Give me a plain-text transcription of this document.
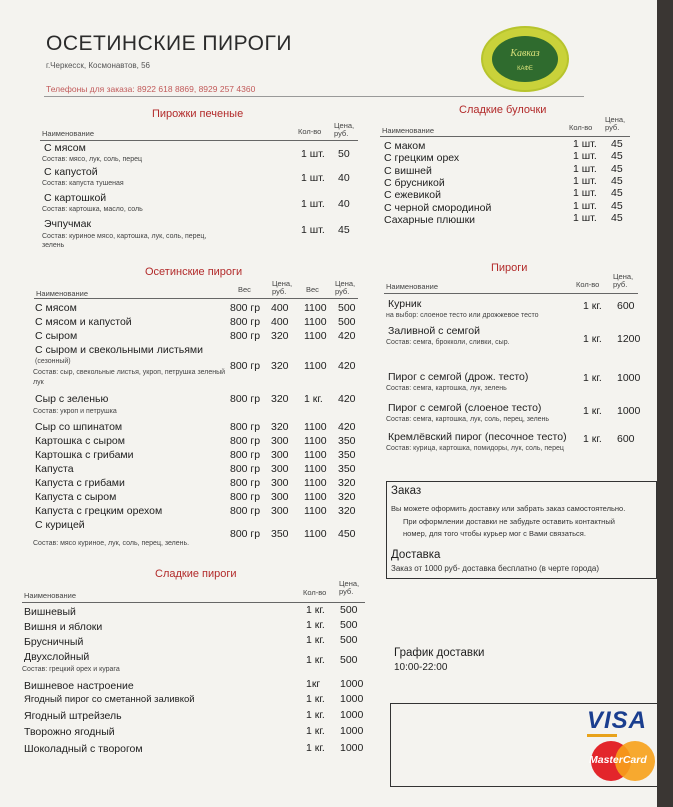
ОСЕТИНСКИЕ ПИРОГИ
г.Черкесск, Космонавтов, 56
Телефоны для заказа: 8922 618 8869, 8929 257 4360
Кавказ
КАФЕ
Пирожки печеные
Наименование	Кол-во
Цена, руб.
С мясом
Состав: мясо, лук, соль, перец	1 шт. 50
С капустой
Состав: капуста тушеная	1 шт. 40
С картошкой
Состав: картошка, масло, соль	1 шт. 40
Эчпучмак
Состав: куриное мясо, картошка, лук, соль, перец, зелень
1 шт. 45
Сладкие булочки
Наименование	Кол-во
Цена, руб.
С маком	1 шт. 45
С грецким орех	1 шт. 45
С вишней	1 шт. 45
С брусникой	1 шт. 45
С ежевикой	1 шт. 45
С черной смородиной	1 шт. 45
Сахарные плюшки	1 шт. 45
Осетинские пироги
Наименование	Вес
Цена, руб.	Вес
Цена, руб.
С мясом	800 гр 400 1100 500
С мясом и капустой	800 гр 400 1100 500
С сыром	800 гр 320 1100 420
С сыром и свекольными листьями
(сезонный)
Состав: сыр, свекольные листья, укроп, петрушка зеленый лук
800 гр 320 1100 420
Сыр с зеленью
Состав: укроп и петрушка
800 гр 320 1 кг. 420
Сыр со шпинатом	800 гр 320 1100 420
Картошка с сыром	800 гр 300 1100 350
Картошка с грибами	800 гр 300 1100 350
Капуста	800 гр 300 1100 350
Капуста с грибами	800 гр 300 1100 320
Капуста с сыром	800 гр 300 1100 320
Капуста с грецким орехом	800 гр 300 1100 320
С курицей
Состав: мясо куриное, лук, соль, перец, зелень.
800 гр 350 1100 450
Пироги
Наименование	Кол-во
Цена, руб.
Курник
на выбор: слоеное тесто или дрожжевое тесто
1 кг. 600
Заливной с семгой
Состав: семга, брокколи, сливки, сыр.	1 кг. 1200
Пирог с семгой (дрож. тесто)
Состав: семга, картошка, лук, зелень
1 кг. 1000
Пирог с семгой (слоеное тесто)
Состав: семга, картошка, лук, соль, перец, зелень
1 кг. 1000
Кремлёвский пирог (песочное тесто)
Состав: курица, картошка, помидоры, лук, соль, перец
1 кг. 600
Сладкие пироги
Наименование	Кол-во
Цена, руб.
Вишневый	1 кг. 500
Вишня и яблоки	1 кг. 500
Брусничный	1 кг. 500
Двухслойный
Состав: грецкий орех и курага
1 кг. 500
Вишневое настроение	1кг 1000
Ягодный пирог со сметанной заливкой	1 кг. 1000
Ягодный штрейзель	1 кг. 1000
Творожно ягодный	1 кг. 1000
Шоколадный с творогом	1 кг. 1000
Заказ
Вы можете оформить доставку или забрать заказ самостоятельно.
При оформлении доставки не забудьте оставить контактный
номер, для того чтобы курьер мог с Вами связаться.
Доставка
Заказ от 1000 руб- доставка бесплатно (в черте города)
График доставки
10:00-22:00
VISA
MasterCard
